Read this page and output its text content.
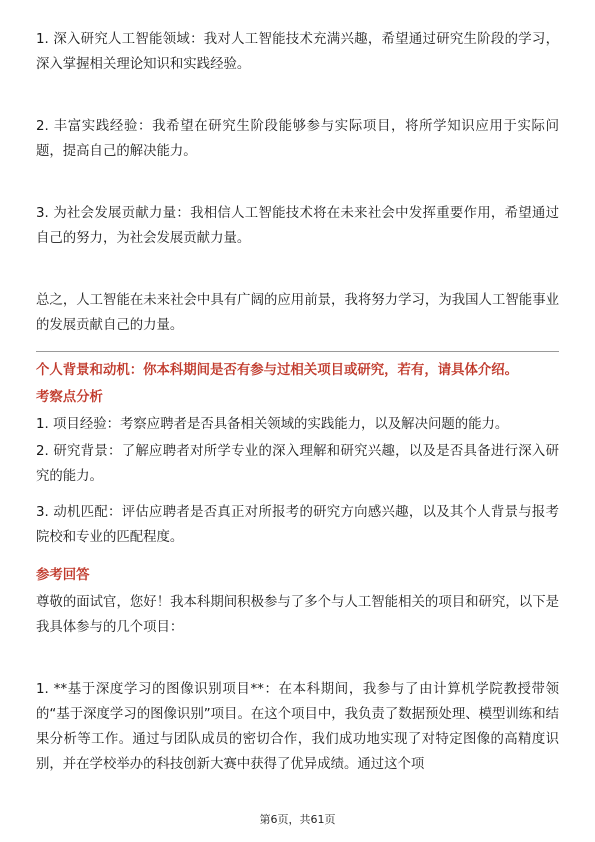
1. 深入研究人工智能领域：我对人工智能技术充满兴趣，希望通过研究生阶段的学习，深入掌握相关理论知识和实践经验。

2. 丰富实践经验：我希望在研究生阶段能够参与实际项目，将所学知识应用于实际问题，提高自己的解决能力。

3. 为社会发展贡献力量：我相信人工智能技术将在未来社会中发挥重要作用，希望通过自己的努力，为社会发展贡献力量。

总之，人工智能在未来社会中具有广阔的应用前景，我将努力学习，为我国人工智能事业的发展贡献自己的力量。

个人背景和动机：你本科期间是否有参与过相关项目或研究，若有，请具体介绍。

考察点分析

1. 项目经验：考察应聘者是否具备相关领域的实践能力，以及解决问题的能力。

2. 研究背景：了解应聘者对所学专业的深入理解和研究兴趣，以及是否具备进行深入研究的能力。

3. 动机匹配：评估应聘者是否真正对所报考的研究方向感兴趣，以及其个人背景与报考院校和专业的匹配程度。

参考回答

尊敬的面试官，您好！我本科期间积极参与了多个与人工智能相关的项目和研究，以下是我具体参与的几个项目：

1. **基于深度学习的图像识别项目**：在本科期间，我参与了由计算机学院教授带领的“基于深度学习的图像识别”项目。在这个项目中，我负责了数据预处理、模型训练和结果分析等工作。通过与团队成员的密切合作，我们成功地实现了对特定图像的高精度识别，并在学校举办的科技创新大赛中获得了优异成绩。通过这个项

第6页，共61页
